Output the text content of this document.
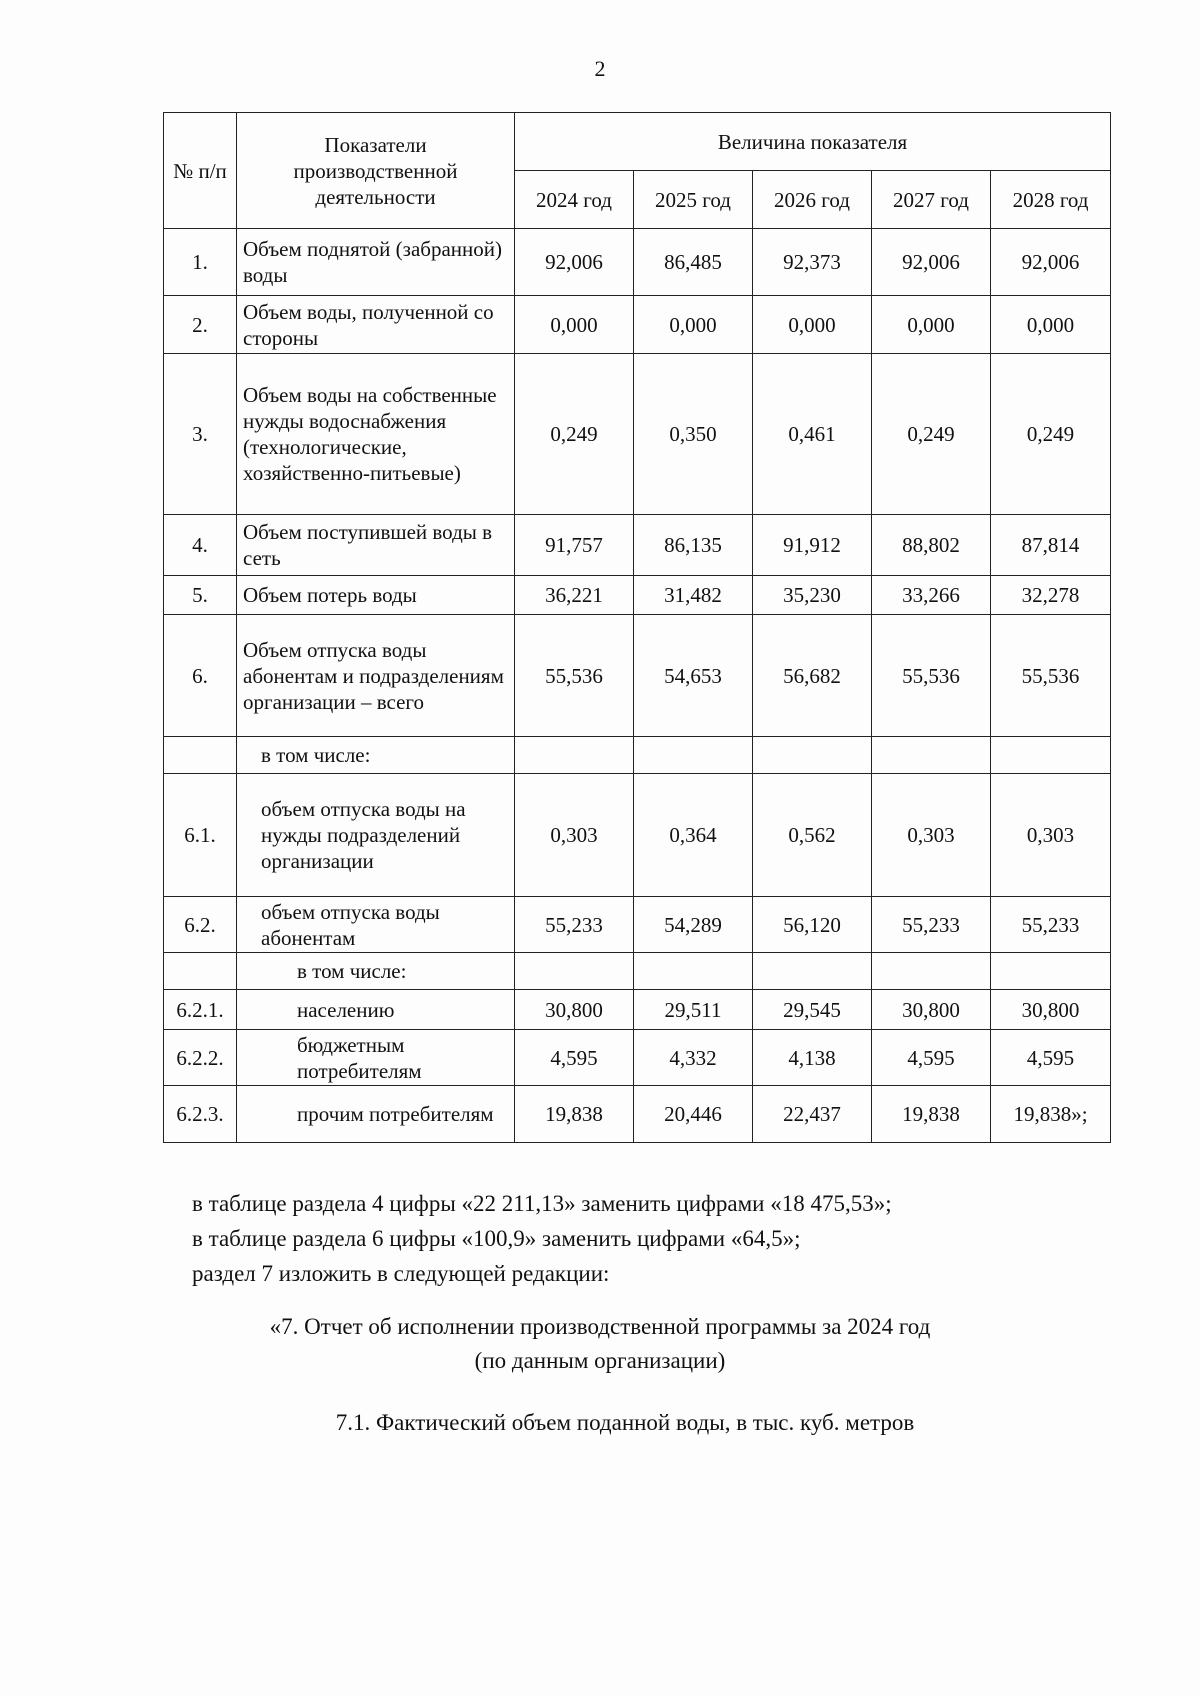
2
№ п/п	Показатели производственной деятельности	Величина показателя				
		2024 год	2025 год	2026 год	2027 год	2028 год
1.	Объем поднятой (забранной) воды	92,006	86,485	92,373	92,006	92,006
2.	Объем воды, полученной со стороны	0,000	0,000	0,000	0,000	0,000
3.	Объем воды на собственные нужды водоснабжения (технологические, хозяйственно-питьевые)	0,249	0,350	0,461	0,249	0,249
4.	Объем поступившей воды в сеть	91,757	86,135	91,912	88,802	87,814
5.	Объем потерь воды	36,221	31,482	35,230	33,266	32,278
6.	Объем отпуска воды абонентам и подразделениям организации – всего	55,536	54,653	56,682	55,536	55,536
	в том числе:					
6.1.	объем отпуска воды на нужды подразделений организации	0,303	0,364	0,562	0,303	0,303
6.2.	объем отпуска воды абонентам	55,233	54,289	56,120	55,233	55,233
	в том числе:					
6.2.1.	населению	30,800	29,511	29,545	30,800	30,800
6.2.2.	бюджетным потребителям	4,595	4,332	4,138	4,595	4,595
6.2.3.	прочим потребителям	19,838	20,446	22,437	19,838	19,838»;

в таблице раздела 4 цифры «22 211,13» заменить цифрами «18 475,53»;

в таблице раздела 6 цифры «100,9» заменить цифрами «64,5»;

раздел 7 изложить в следующей редакции:

«7. Отчет об исполнении производственной программы за 2024 год

(по данным организации)

7.1. Фактический объем поданной воды, в тыс. куб. метров
